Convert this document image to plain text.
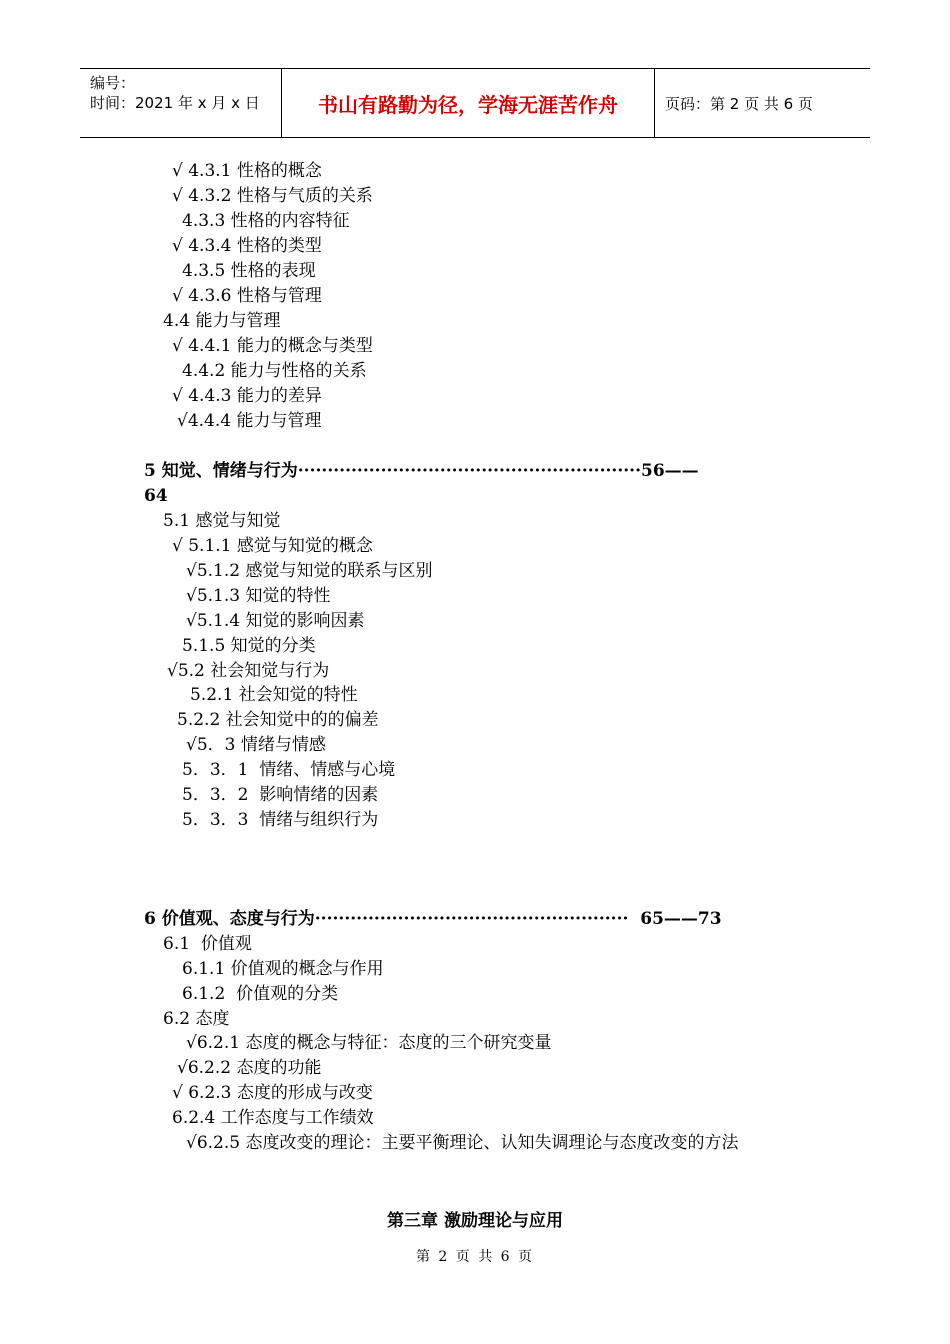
编号：
时间：2021 年 x 月 x 日	书山有路勤为径，学海无涯苦作舟	页码：第 2 页 共 6 页
√ 4.3.1 性格的概念
√ 4.3.2 性格与气质的关系
4.3.3 性格的内容特征
√ 4.3.4 性格的类型
4.3.5 性格的表现
√ 4.3.6 性格与管理
4.4 能力与管理
√ 4.4.1 能力的概念与类型
4.4.2 能力与性格的关系
√ 4.4.3 能力的差异
√4.4.4 能力与管理
5 知觉、情绪与行为··························································56——
64
5.1 感觉与知觉
√ 5.1.1 感觉与知觉的概念
√5.1.2 感觉与知觉的联系与区别
√5.1.3 知觉的特性
√5.1.4 知觉的影响因素
5.1.5 知觉的分类
√5.2 社会知觉与行为
5.2.1 社会知觉的特性
5.2.2 社会知觉中的的偏差
√5．3 情绪与情感
5．3．1  情绪、情感与心境
5．3．2  影响情绪的因素
5．3．3  情绪与组织行为
6 价值观、态度与行为·····················································  65——73
6.1  价值观
6.1.1 价值观的概念与作用
6.1.2  价值观的分类
6.2 态度
√6.2.1 态度的概念与特征：态度的三个研究变量
√6.2.2 态度的功能
√ 6.2.3 态度的形成与改变
6.2.4 工作态度与工作绩效
√6.2.5 态度改变的理论：主要平衡理论、认知失调理论与态度改变的方法
第三章 激励理论与应用
第 2 页 共 6 页
